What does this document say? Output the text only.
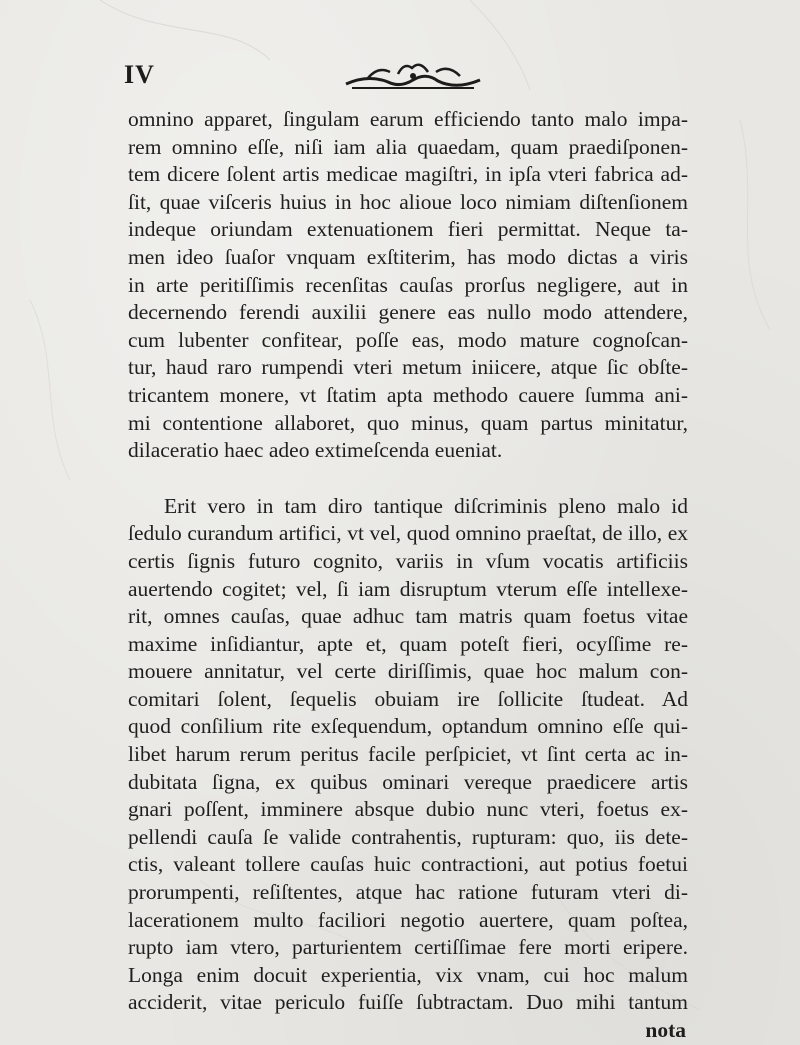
IV
omnino apparet, ſingulam earum efficiendo tanto malo impa-
rem omnino eſſe, niſi iam alia quaedam, quam praediſponen-
tem dicere ſolent artis medicae magiſtri, in ipſa vteri fabrica ad-
ſit, quae viſceris huius in hoc alioue loco nimiam diſtenſionem
indeque oriundam extenuationem fieri permittat. Neque ta-
men ideo ſuaſor vnquam exſtiterim, has modo dictas a viris
in arte peritiſſimis recenſitas cauſas prorſus negligere, aut in
decernendo ferendi auxilii genere eas nullo modo attendere,
cum lubenter confitear, poſſe eas, modo mature cognoſcan-
tur, haud raro rumpendi vteri metum iniicere, atque ſic obſte-
tricantem monere, vt ſtatim apta methodo cauere ſumma ani-
mi contentione allaboret, quo minus, quam partus minitatur,
dilaceratio haec adeo extimeſcenda eueniat.
Erit vero in tam diro tantique diſcriminis pleno malo id
ſedulo curandum artifici, vt vel, quod omnino praeſtat, de illo, ex
certis ſignis futuro cognito, variis in vſum vocatis artificiis
auertendo cogitet; vel, ſi iam disruptum vterum eſſe intellexe-
rit, omnes cauſas, quae adhuc tam matris quam foetus vitae
maxime inſidiantur, apte et, quam poteſt fieri, ocyſſime re-
mouere annitatur, vel certe diriſſimis, quae hoc malum con-
comitari ſolent, ſequelis obuiam ire ſollicite ſtudeat. Ad
quod conſilium rite exſequendum, optandum omnino eſſe qui-
libet harum rerum peritus facile perſpiciet, vt ſint certa ac in-
dubitata ſigna, ex quibus ominari vereque praedicere artis
gnari poſſent, imminere absque dubio nunc vteri, foetus ex-
pellendi cauſa ſe valide contrahentis, rupturam: quo, iis dete-
ctis, valeant tollere cauſas huic contractioni, aut potius foetui
prorumpenti, reſiſtentes, atque hac ratione futuram vteri di-
lacerationem multo faciliori negotio auertere, quam poſtea,
rupto iam vtero, parturientem certiſſimae fere morti eripere.
Longa enim docuit experientia, vix vnam, cui hoc malum
acciderit, vitae periculo fuiſſe ſubtractam. Duo mihi tantum
nota
